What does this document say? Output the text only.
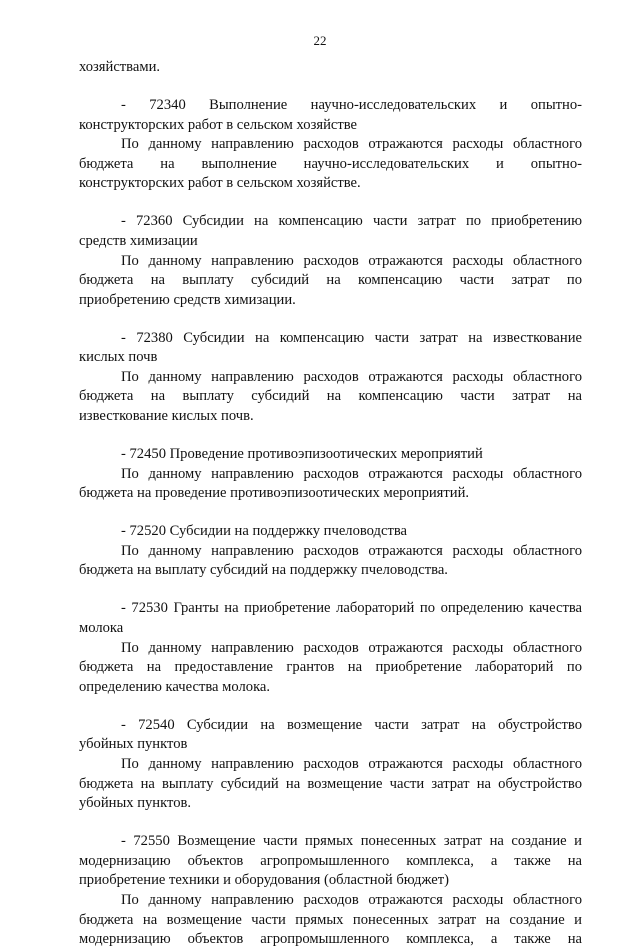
22
хозяйствами.
- 72340 Выполнение научно-исследовательских и опытно-
конструкторских работ в сельском хозяйстве
По данному направлению расходов отражаются расходы областного
бюджета на выполнение научно-исследовательских и опытно-
конструкторских работ в сельском хозяйстве.
- 72360 Субсидии на компенсацию части затрат по приобретению
средств химизации
По данному направлению расходов отражаются расходы областного
бюджета на выплату субсидий на компенсацию части затрат по
приобретению средств химизации.
- 72380 Субсидии на компенсацию части затрат на известкование
кислых почв
По данному направлению расходов отражаются расходы областного
бюджета на выплату субсидий на компенсацию части затрат на
известкование кислых почв.
- 72450 Проведение противоэпизоотических мероприятий
По данному направлению расходов отражаются расходы областного
бюджета на проведение противоэпизоотических мероприятий.
- 72520 Субсидии на поддержку пчеловодства
По данному направлению расходов отражаются расходы областного
бюджета на выплату субсидий на поддержку пчеловодства.
- 72530 Гранты на приобретение лабораторий по определению качества
молока
По данному направлению расходов отражаются расходы областного
бюджета на предоставление грантов на приобретение лабораторий по
определению качества молока.
- 72540 Субсидии на возмещение части затрат на обустройство
убойных пунктов
По данному направлению расходов отражаются расходы областного
бюджета на выплату субсидий на возмещение части затрат на обустройство
убойных пунктов.
- 72550 Возмещение части прямых понесенных затрат на создание и
модернизацию объектов агропромышленного комплекса, а также на
приобретение техники и оборудования (областной бюджет)
По данному направлению расходов отражаются расходы областного
бюджета на возмещение части прямых понесенных затрат на создание и
модернизацию объектов агропромышленного комплекса, а также на
